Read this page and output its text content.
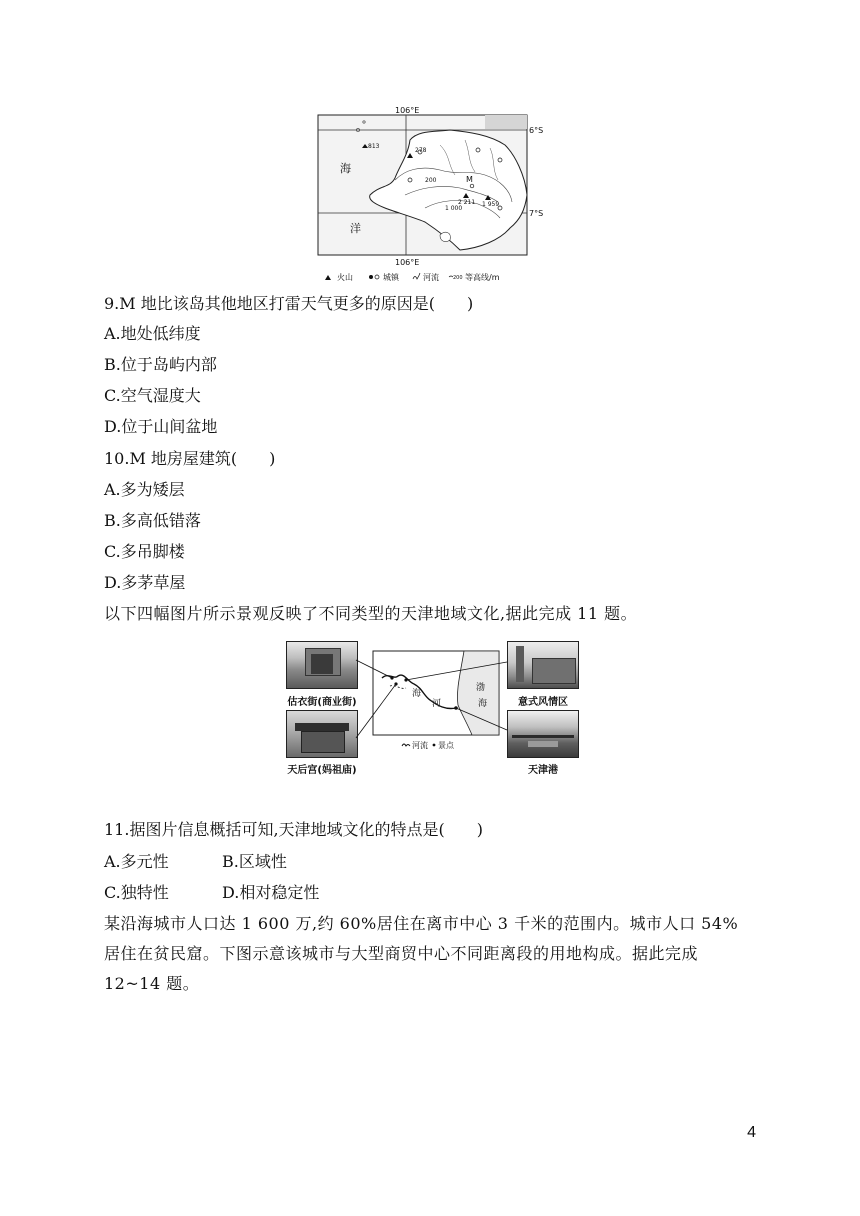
106°E
106°E
6°S
7°S
813
278
2 211 1 959
200
1 000
M
海
洋
火山	城镇	河流	200 等高线/m
9.M 地比该岛其他地区打雷天气更多的原因是(　　)
A.地处低纬度
B.位于岛屿内部
C.空气湿度大
D.位于山间盆地
10.M 地房屋建筑(　　)
A.多为矮层
B.多高低错落
C.多吊脚楼
D.多茅草屋
以下四幅图片所示景观反映了不同类型的天津地域文化,据此完成 11 题。
估衣街(商业街)
天后宫(妈祖庙)
意式风情区
天津港
海
河
渤
海
河流 景点
11.据图片信息概括可知,天津地域文化的特点是(　　)
A.多元性	B.区域性
C.独特性	D.相对稳定性
某沿海城市人口达 1 600 万,约 60%居住在离市中心 3 千米的范围内。城市人口 54%居住在贫民窟。下图示意该城市与大型商贸中心不同距离段的用地构成。据此完成 12~14 题。
4
